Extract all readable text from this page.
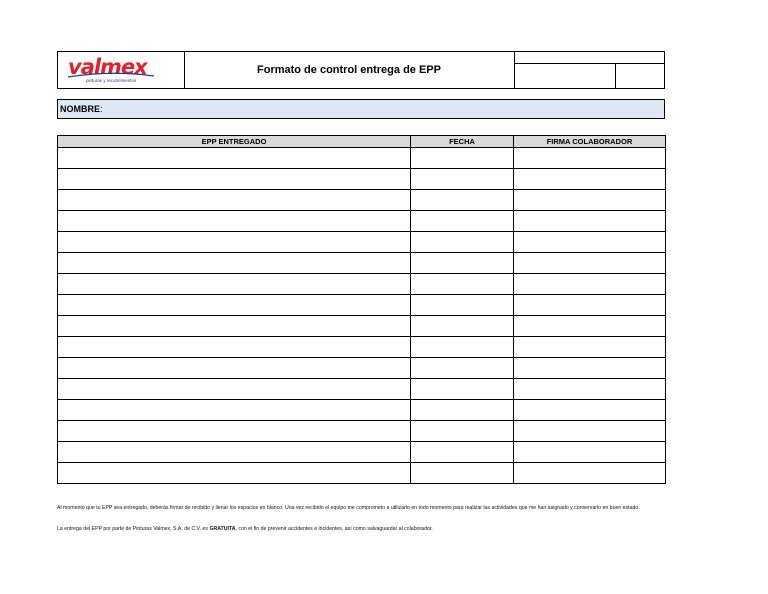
valmex
pinturas y recubrimientos
Formato de control entrega de EPP
NOMBRE:
EPP ENTREGADO	FECHA	FIRMA COLABORADOR

Al momento que tu EPP sea entregado, deberás firmar de recibido y llenar los espacios en blanco. Una vez recibido el equipo me comprometo a utilizarlo en todo momento para realizar las actividades que me han asignado y conservarlo en buen estado.
La entrega del EPP por parte de Pinturas Valmex, S.A. de C.V. es GRATUITA, con el fin de prevenir accidentes e incidentes, así como salvaguardar al colaborador.
